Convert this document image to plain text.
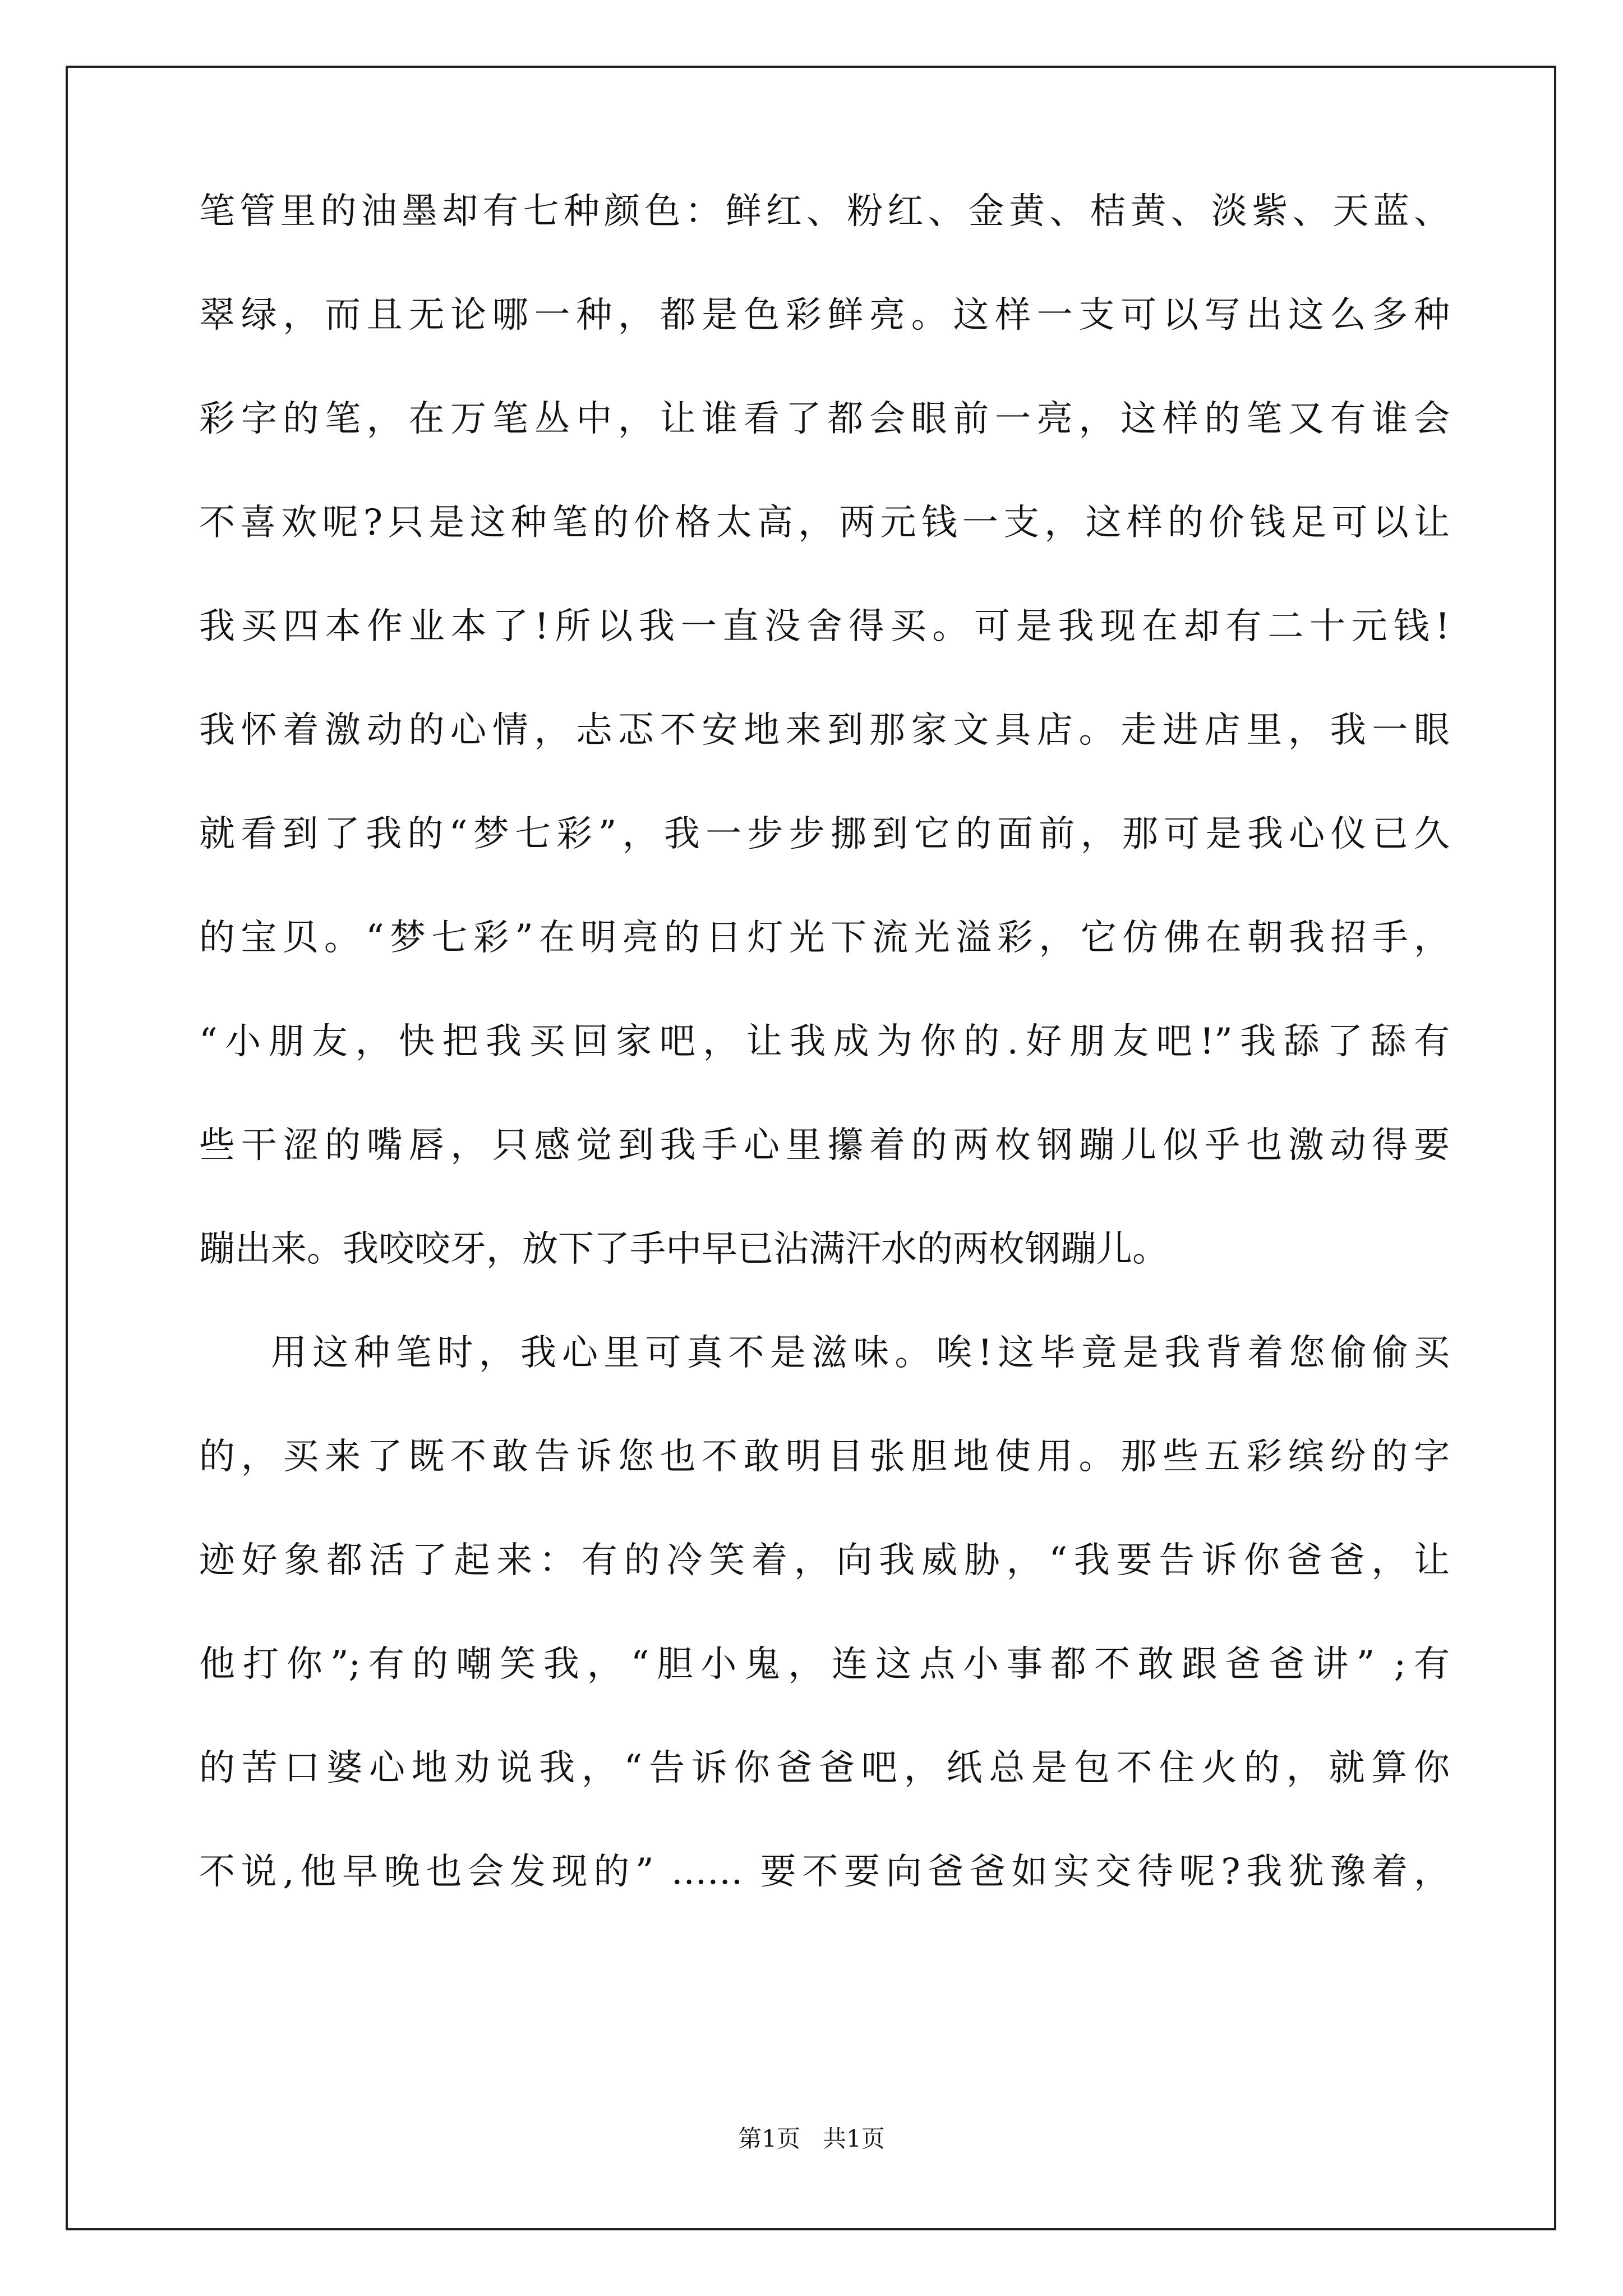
笔管里的油墨却有七种颜色：鲜红、粉红、金黄、桔黄、淡紫、天蓝、
翠绿，而且无论哪一种，都是色彩鲜亮。这样一支可以写出这么多种
彩字的笔，在万笔丛中，让谁看了都会眼前一亮，这样的笔又有谁会
不喜欢呢?只是这种笔的价格太高，两元钱一支，这样的价钱足可以让
我买四本作业本了!所以我一直没舍得买。可是我现在却有二十元钱!
我怀着激动的心情，忐忑不安地来到那家文具店。走进店里，我一眼
就看到了我的“梦七彩”，我一步步挪到它的面前，那可是我心仪已久
的宝贝。“梦七彩”在明亮的日灯光下流光溢彩，它仿佛在朝我招手，
“小朋友，快把我买回家吧，让我成为你的.好朋友吧!”我舔了舔有
些干涩的嘴唇，只感觉到我手心里攥着的两枚钢蹦儿似乎也激动得要
蹦出来。我咬咬牙，放下了手中早已沾满汗水的两枚钢蹦儿。
用这种笔时，我心里可真不是滋味。唉!这毕竟是我背着您偷偷买
的，买来了既不敢告诉您也不敢明目张胆地使用。那些五彩缤纷的字
迹好象都活了起来：有的冷笑着，向我威胁，“我要告诉你爸爸，让
他打你”;有的嘲笑我，“胆小鬼，连这点小事都不敢跟爸爸讲” ;有
的苦口婆心地劝说我，“告诉你爸爸吧，纸总是包不住火的，就算你
不说,他早晚也会发现的” …… 要不要向爸爸如实交待呢?我犹豫着，
第1页   共1页
